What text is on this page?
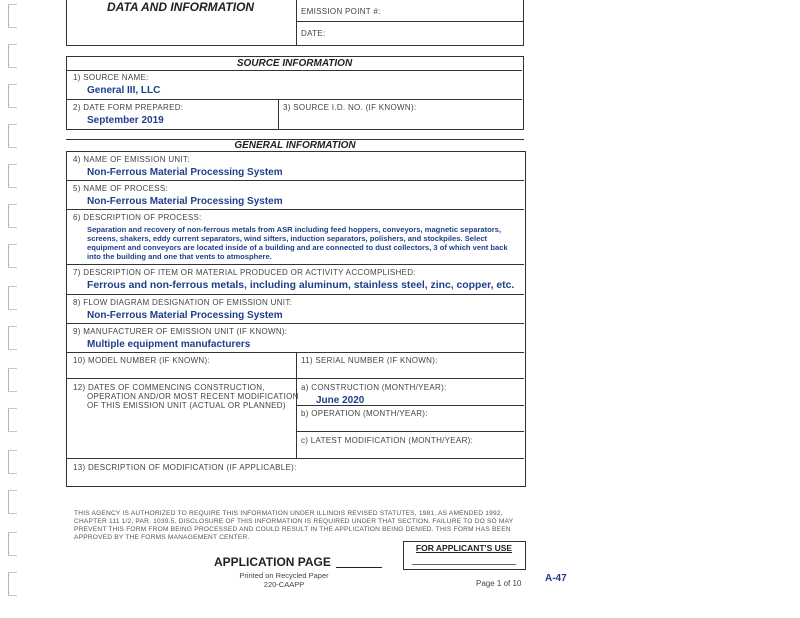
DATA AND INFORMATION	EMISSION POINT #:
DATE:
SOURCE INFORMATION
1) SOURCE NAME:
General III, LLC
2) DATE FORM PREPARED:
September 2019
3) SOURCE I.D. NO. (IF KNOWN):
GENERAL INFORMATION
4) NAME OF EMISSION UNIT:
Non-Ferrous Material Processing System
5) NAME OF PROCESS:
Non-Ferrous Material Processing System
6) DESCRIPTION OF PROCESS:
Separation and recovery of non-ferrous metals from ASR including feed hoppers, conveyors, magnetic separators, screens, shakers, eddy current separators, wind sifters, induction separators, polishers, and stockpiles. Select equipment and conveyors are located inside of a building and are connected to dust collectors, 3 of which vent back into the building and one that vents to atmosphere.
7) DESCRIPTION OF ITEM OR MATERIAL PRODUCED OR ACTIVITY ACCOMPLISHED:
Ferrous and non-ferrous metals, including aluminum, stainless steel, zinc, copper, etc.
8) FLOW DIAGRAM DESIGNATION OF EMISSION UNIT:
Non-Ferrous Material Processing System
9) MANUFACTURER OF EMISSION UNIT (IF KNOWN):
Multiple equipment manufacturers
10) MODEL NUMBER (IF KNOWN):	11) SERIAL NUMBER (IF KNOWN):
12) DATES OF COMMENCING CONSTRUCTION,
OPERATION AND/OR MOST RECENT MODIFICATION
OF THIS EMISSION UNIT (ACTUAL OR PLANNED)
a) CONSTRUCTION (MONTH/YEAR):
June 2020
b) OPERATION (MONTH/YEAR):
c) LATEST MODIFICATION (MONTH/YEAR):
13) DESCRIPTION OF MODIFICATION (IF APPLICABLE):
THIS AGENCY IS AUTHORIZED TO REQUIRE THIS INFORMATION UNDER ILLINOIS REVISED STATUTES, 1981, AS AMENDED 1992,
CHAPTER 111 1/2, PAR. 1039.5. DISCLOSURE OF THIS INFORMATION IS REQUIRED UNDER THAT SECTION. FAILURE TO DO SO MAY
PREVENT THIS FORM FROM BEING PROCESSED AND COULD RESULT IN THE APPLICATION BEING DENIED. THIS FORM HAS BEEN
APPROVED BY THE FORMS MANAGEMENT CENTER.
FOR APPLICANT'S USE
APPLICATION PAGE
Printed on Recycled Paper
220-CAAPP	Page 1 of 10 A-47
